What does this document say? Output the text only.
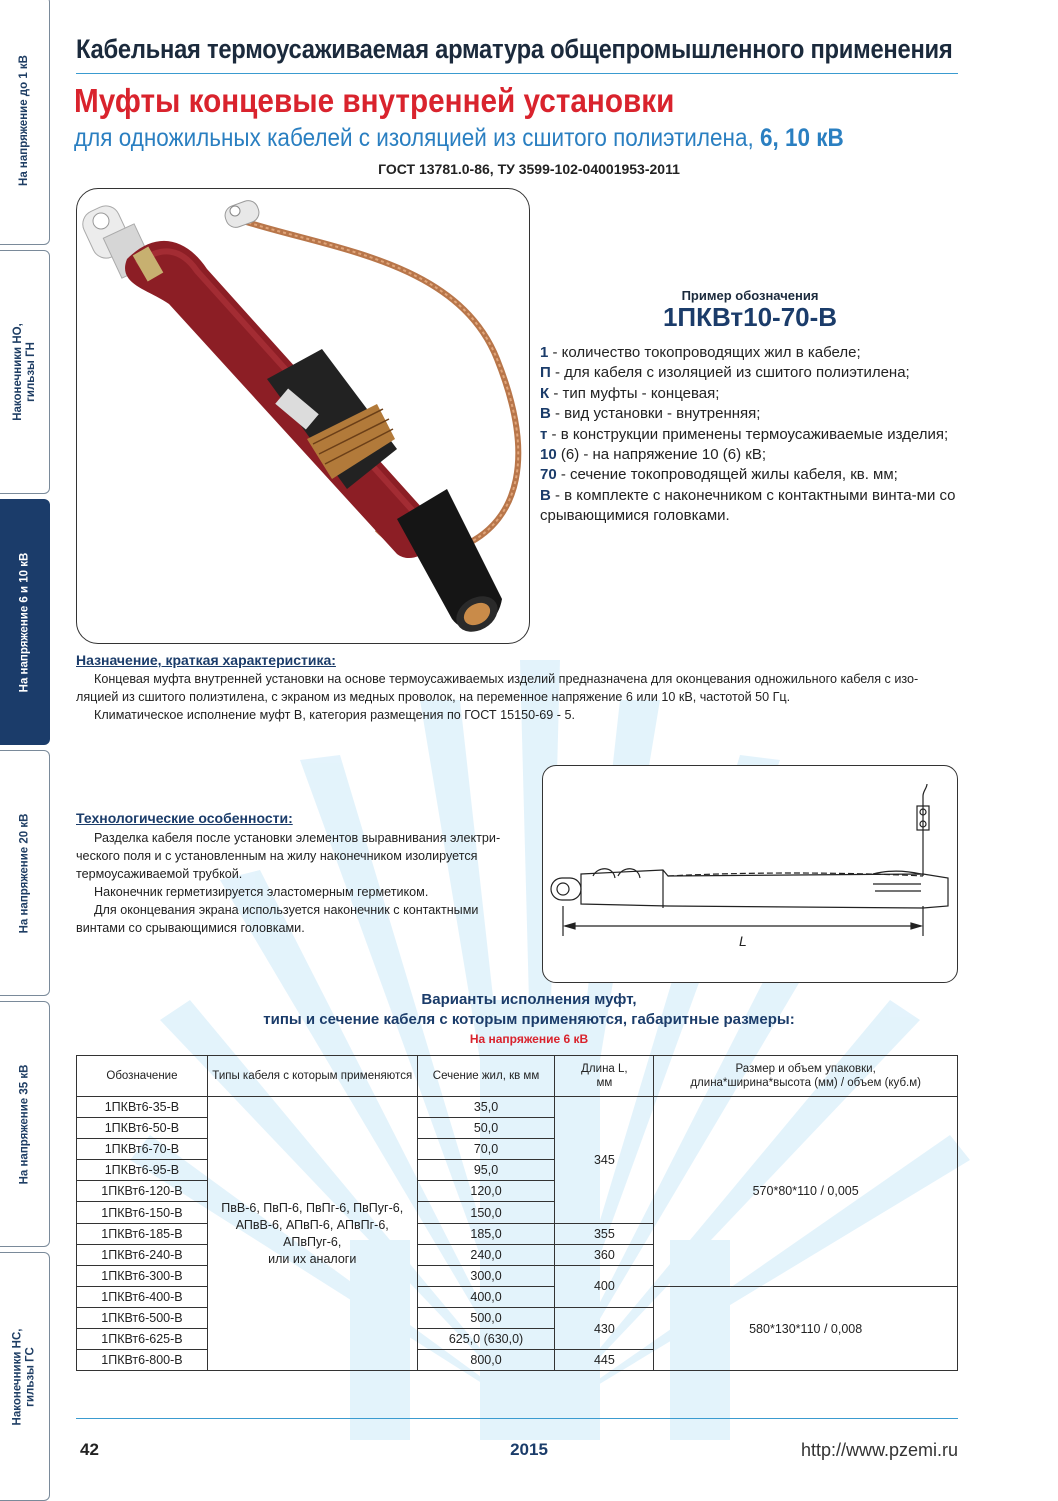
На напряжение до 1 кВ
Наконечники НО,
гильзы ГН
На напряжение 6 и 10 кВ
На напряжение 20 кВ
На напряжение 35 кВ
Наконечники НС,
гильзы ГС
Кабельная термоусаживаемая арматура общепромышленного применения
Муфты концевые внутренней установки
для одножильных кабелей с изоляцией из сшитого полиэтилена, 6, 10 кВ
ГОСТ 13781.0-86, ТУ 3599-102-04001953-2011
Пример обозначения
1ПКВт10-70-В
1 - количество токопроводящих жил в кабеле;
П - для кабеля с изоляцией из сшитого полиэтилена;
К - тип муфты - концевая;
В - вид установки - внутренняя;
т - в конструкции применены термоусаживаемые изделия;
10 (6) - на напряжение 10 (6) кВ;
70 - сечение токопроводящей жилы кабеля, кв. мм;
В - в комплекте с наконечником с контактными винта-ми со срывающимися головками.
Назначение, краткая характеристика:

Концевая муфта внутренней установки на основе термоусаживаемых изделий предназначена для оконцевания одножильного кабеля с изо-ляцией из сшитого полиэтилена, с экраном из медных проволок, на переменное напряжение 6 или 10 кВ, частотой 50 Гц.

Климатическое исполнение муфт В, категория размещения по ГОСТ 15150-69 - 5.

Технологические особенности:

Разделка кабеля после установки элементов выравнивания электри-ческого поля и с установленным на жилу наконечником изолируется термоусаживаемой трубкой.

Наконечник герметизируется эластомерным герметиком.

Для оконцевания экрана используется наконечник с контактными винтами со срывающимися головками.

L
Варианты исполнения муфт,
типы и сечение кабеля с которым применяются, габаритные размеры:
На напряжение 6 кВ
Обозначение	Типы кабеля с которым применяются	Сечение жил, кв мм	Длина L,
мм	Размер и объем упаковки,
длина*ширина*высота (мм) / объем (куб.м)
1ПКВт6-35-В	ПвВ-6, ПвП-6, ПвПг-6, ПвПуг-6,
АПвВ-6, АПвП-6, АПвПг-6,
АПвПуг-6,
или их аналоги	35,0	345	570*80*110 / 0,005
1ПКВт6-50-В		50,0		
1ПКВт6-70-В		70,0		
1ПКВт6-95-В		95,0		
1ПКВт6-120-В		120,0		
1ПКВт6-150-В		150,0		
1ПКВт6-185-В		185,0	355	
1ПКВт6-240-В		240,0	360	
1ПКВт6-300-В		300,0	400	
1ПКВт6-400-В		400,0		580*130*110 / 0,008
1ПКВт6-500-В		500,0	430	
1ПКВт6-625-В		625,0 (630,0)		
1ПКВт6-800-В		800,0	445	
42	2015	http://www.pzemi.ru
